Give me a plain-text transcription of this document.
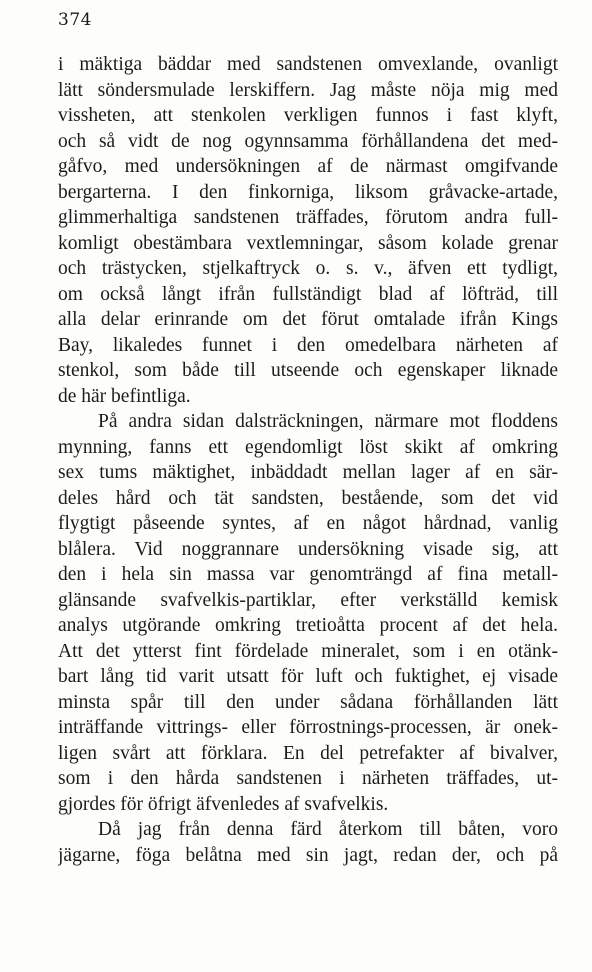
374
i mäktiga bäddar med sandstenen omvexlande, ovanligt
lätt söndersmulade lerskiffern. Jag måste nöja mig med
vissheten, att stenkolen verkligen funnos i fast klyft,
och så vidt de nog ogynnsamma förhållandena det med-
gåfvo, med undersökningen af de närmast omgifvande
bergarterna. I den finkorniga, liksom gråvacke-artade,
glimmerhaltiga sandstenen träffades, förutom andra full-
komligt obestämbara vextlemningar, såsom kolade grenar
och trästycken, stjelkaftryck o. s. v., äfven ett tydligt,
om också långt ifrån fullständigt blad af löfträd, till
alla delar erinrande om det förut omtalade ifrån Kings
Bay, likaledes funnet i den omedelbara närheten af
stenkol, som både till utseende och egenskaper liknade
de här befintliga.
På andra sidan dalsträckningen, närmare mot floddens
mynning, fanns ett egendomligt löst skikt af omkring
sex tums mäktighet, inbäddadt mellan lager af en sär-
deles hård och tät sandsten, bestående, som det vid
flygtigt påseende syntes, af en något hårdnad, vanlig
blålera. Vid noggrannare undersökning visade sig, att
den i hela sin massa var genomträngd af fina metall-
glänsande svafvelkis-partiklar, efter verkställd kemisk
analys utgörande omkring tretioåtta procent af det hela.
Att det ytterst fint fördelade mineralet, som i en otänk-
bart lång tid varit utsatt för luft och fuktighet, ej visade
minsta spår till den under sådana förhållanden lätt
inträffande vittrings- eller förrostnings-processen, är onek-
ligen svårt att förklara. En del petrefakter af bivalver,
som i den hårda sandstenen i närheten träffades, ut-
gjordes för öfrigt äfvenledes af svafvelkis.
Då jag från denna färd återkom till båten, voro
jägarne, föga belåtna med sin jagt, redan der, och på
